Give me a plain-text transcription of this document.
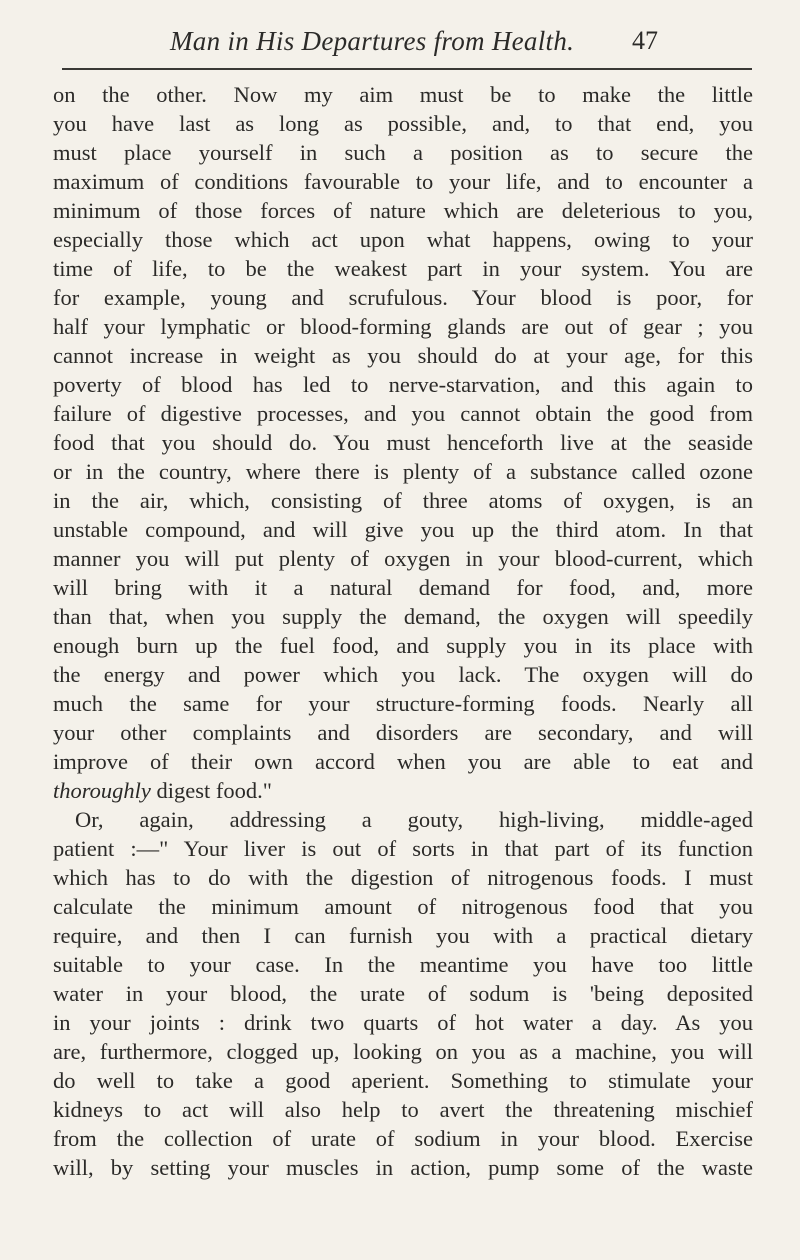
Man in His Departures from Health. 47
on the other. Now my aim must be to make the little
you have last as long as possible, and, to that end, you
must place yourself in such a position as to secure the
maximum of conditions favourable to your life, and to encounter a
minimum of those forces of nature which are deleterious to you,
especially those which act upon what happens, owing to your
time of life, to be the weakest part in your system. You are
for example, young and scrufulous. Your blood is poor, for
half your lymphatic or blood-forming glands are out of gear ; you
cannot increase in weight as you should do at your age, for this
poverty of blood has led to nerve-starvation, and this again to
failure of digestive processes, and you cannot obtain the good from
food that you should do. You must henceforth live at the seaside
or in the country, where there is plenty of a substance called ozone
in the air, which, consisting of three atoms of oxygen, is an
unstable compound, and will give you up the third atom. In that
manner you will put plenty of oxygen in your blood-current, which
will bring with it a natural demand for food, and, more
than that, when you supply the demand, the oxygen will speedily
enough burn up the fuel food, and supply you in its place with
the energy and power which you lack. The oxygen will do
much the same for your structure-forming foods. Nearly all
your other complaints and disorders are secondary, and will
improve of their own accord when you are able to eat and
thoroughly digest food."
Or, again, addressing a gouty, high-living, middle-aged
patient :—" Your liver is out of sorts in that part of its function
which has to do with the digestion of nitrogenous foods. I must
calculate the minimum amount of nitrogenous food that you
require, and then I can furnish you with a practical dietary
suitable to your case. In the meantime you have too little
water in your blood, the urate of sodum is 'being deposited
in your joints : drink two quarts of hot water a day. As you
are, furthermore, clogged up, looking on you as a machine, you will
do well to take a good aperient. Something to stimulate your
kidneys to act will also help to avert the threatening mischief
from the collection of urate of sodium in your blood. Exercise
will, by setting your muscles in action, pump some of the waste
